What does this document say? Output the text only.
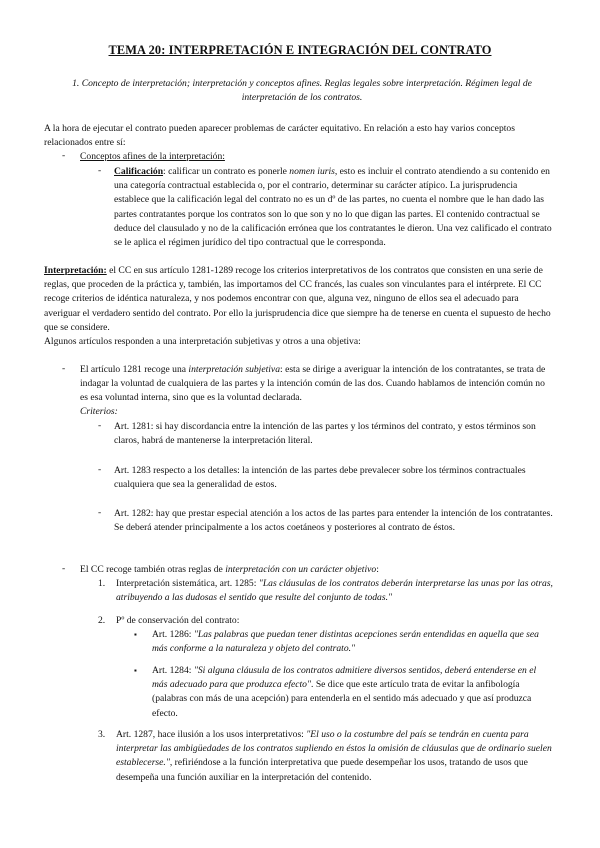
TEMA 20: INTERPRETACIÓN E INTEGRACIÓN DEL CONTRATO
1. Concepto de interpretación; interpretación y conceptos afines. Reglas legales sobre interpretación. Régimen legal de interpretación de los contratos.
A la hora de ejecutar el contrato pueden aparecer problemas de carácter equitativo. En relación a esto hay varios conceptos relacionados entre sí:
- Conceptos afines de la interpretación:
- Calificación: calificar un contrato es ponerle nomen iuris, esto es incluir el contrato atendiendo a su contenido en una categoría contractual establecida o, por el contrario, determinar su carácter atípico. La jurisprudencia establece que la calificación legal del contrato no es un dº de las partes, no cuenta el nombre que le han dado las partes contratantes porque los contratos son lo que son y no lo que digan las partes. El contenido contractual se deduce del clausulado y no de la calificación errónea que los contratantes le dieron. Una vez calificado el contrato se le aplica el régimen jurídico del tipo contractual que le corresponda.
Interpretación: el CC en sus artículo 1281-1289 recoge los criterios interpretativos de los contratos que consisten en una serie de reglas, que proceden de la práctica y, también, las importamos del CC francés, las cuales son vinculantes para el intérprete. El CC recoge criterios de idéntica naturaleza, y nos podemos encontrar con que, alguna vez, ninguno de ellos sea el adecuado para averiguar el verdadero sentido del contrato. Por ello la jurisprudencia dice que siempre ha de tenerse en cuenta el supuesto de hecho que se considere.
Algunos artículos responden a una interpretación subjetivas y otros a una objetiva:
- El artículo 1281 recoge una interpretación subjetiva: esta se dirige a averiguar la intención de los contratantes, se trata de indagar la voluntad de cualquiera de las partes y la intención común de las dos. Cuando hablamos de intención común no es esa voluntad interna, sino que es la voluntad declarada.
Criterios:
- Art. 1281: si hay discordancia entre la intención de las partes y los términos del contrato, y estos términos son claros, habrá de mantenerse la interpretación literal.
- Art. 1283 respecto a los detalles: la intención de las partes debe prevalecer sobre los términos contractuales cualquiera que sea la generalidad de estos.
- Art. 1282: hay que prestar especial atención a los actos de las partes para entender la intención de los contratantes. Se deberá atender principalmente a los actos coetáneos y posteriores al contrato de éstos.
- El CC recoge también otras reglas de interpretación con un carácter objetivo:
1. Interpretación sistemática, art. 1285: "Las cláusulas de los contratos deberán interpretarse las unas por las otras, atribuyendo a las dudosas el sentido que resulte del conjunto de todas."
2. Pº de conservación del contrato:
▪ Art. 1286: "Las palabras que puedan tener distintas acepciones serán entendidas en aquella que sea más conforme a la naturaleza y objeto del contrato."
▪ Art. 1284: "Si alguna cláusula de los contratos admitiere diversos sentidos, deberá entenderse en el más adecuado para que produzca efecto". Se dice que este artículo trata de evitar la anfibología (palabras con más de una acepción) para entenderla en el sentido más adecuado y que así produzca efecto.
3. Art. 1287, hace ilusión a los usos interpretativos: "El uso o la costumbre del país se tendrán en cuenta para interpretar las ambigüedades de los contratos supliendo en éstos la omisión de cláusulas que de ordinario suelen establecerse.", refiriéndose a la función interpretativa que puede desempeñar los usos, tratando de usos que desempeña una función auxiliar en la interpretación del contenido.
